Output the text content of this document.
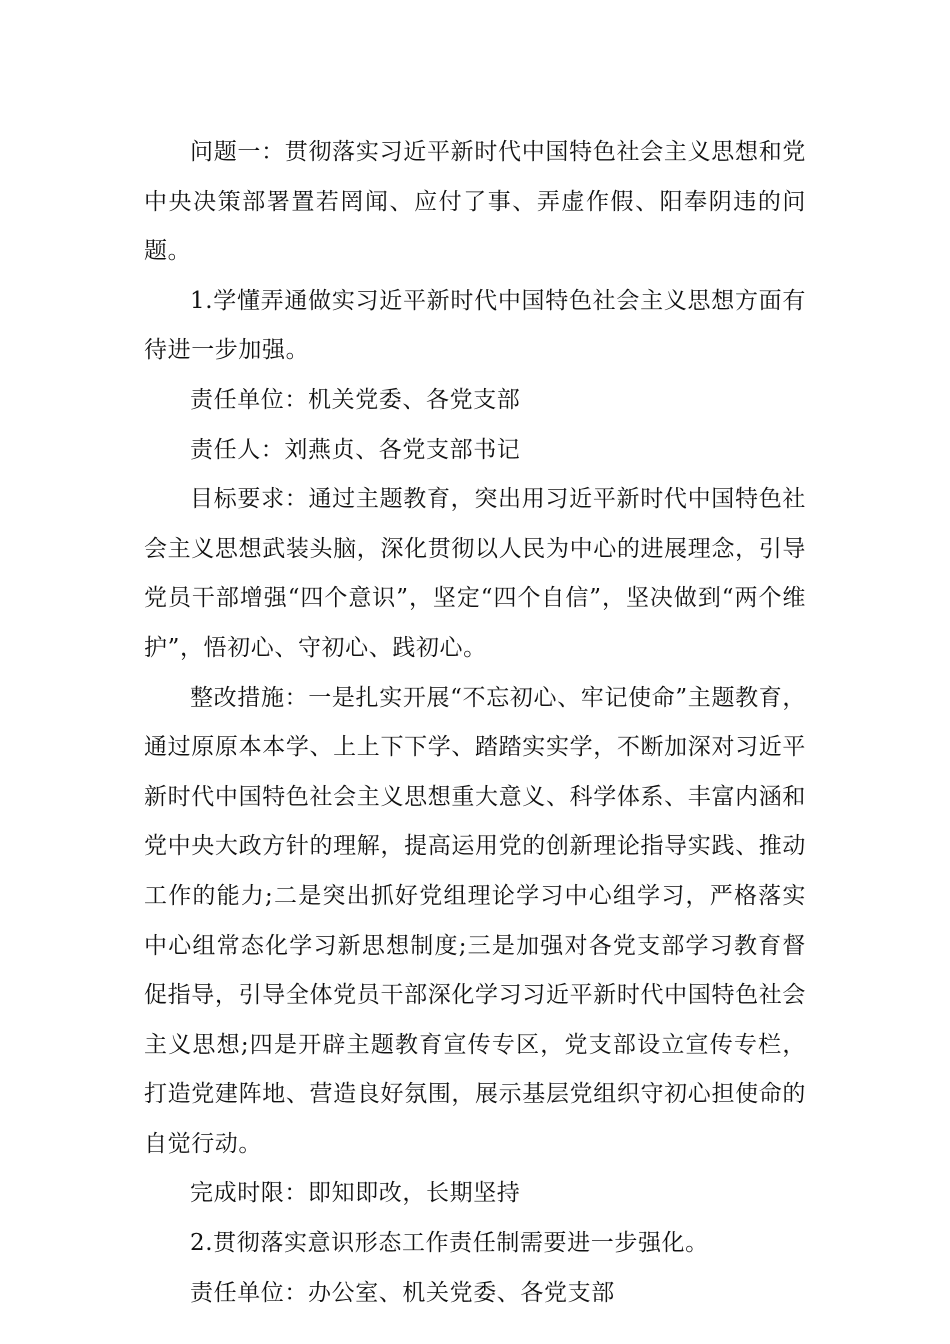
问题一：贯彻落实习近平新时代中国特色社会主义思想和党中央决策部署置若罔闻、应付了事、弄虚作假、阳奉阴违的问题。

1.学懂弄通做实习近平新时代中国特色社会主义思想方面有待进一步加强。

责任单位：机关党委、各党支部

责任人：刘燕贞、各党支部书记

目标要求：通过主题教育，突出用习近平新时代中国特色社会主义思想武装头脑，深化贯彻以人民为中心的进展理念，引导党员干部增强“四个意识”，坚定“四个自信”，坚决做到“两个维护”，悟初心、守初心、践初心。

整改措施：一是扎实开展“不忘初心、牢记使命”主题教育，通过原原本本学、上上下下学、踏踏实实学，不断加深对习近平新时代中国特色社会主义思想重大意义、科学体系、丰富内涵和党中央大政方针的理解，提高运用党的创新理论指导实践、推动工作的能力;二是突出抓好党组理论学习中心组学习，严格落实中心组常态化学习新思想制度;三是加强对各党支部学习教育督促指导，引导全体党员干部深化学习习近平新时代中国特色社会主义思想;四是开辟主题教育宣传专区，党支部设立宣传专栏，打造党建阵地、营造良好氛围，展示基层党组织守初心担使命的自觉行动。

完成时限：即知即改，长期坚持

2.贯彻落实意识形态工作责任制需要进一步强化。

责任单位：办公室、机关党委、各党支部
